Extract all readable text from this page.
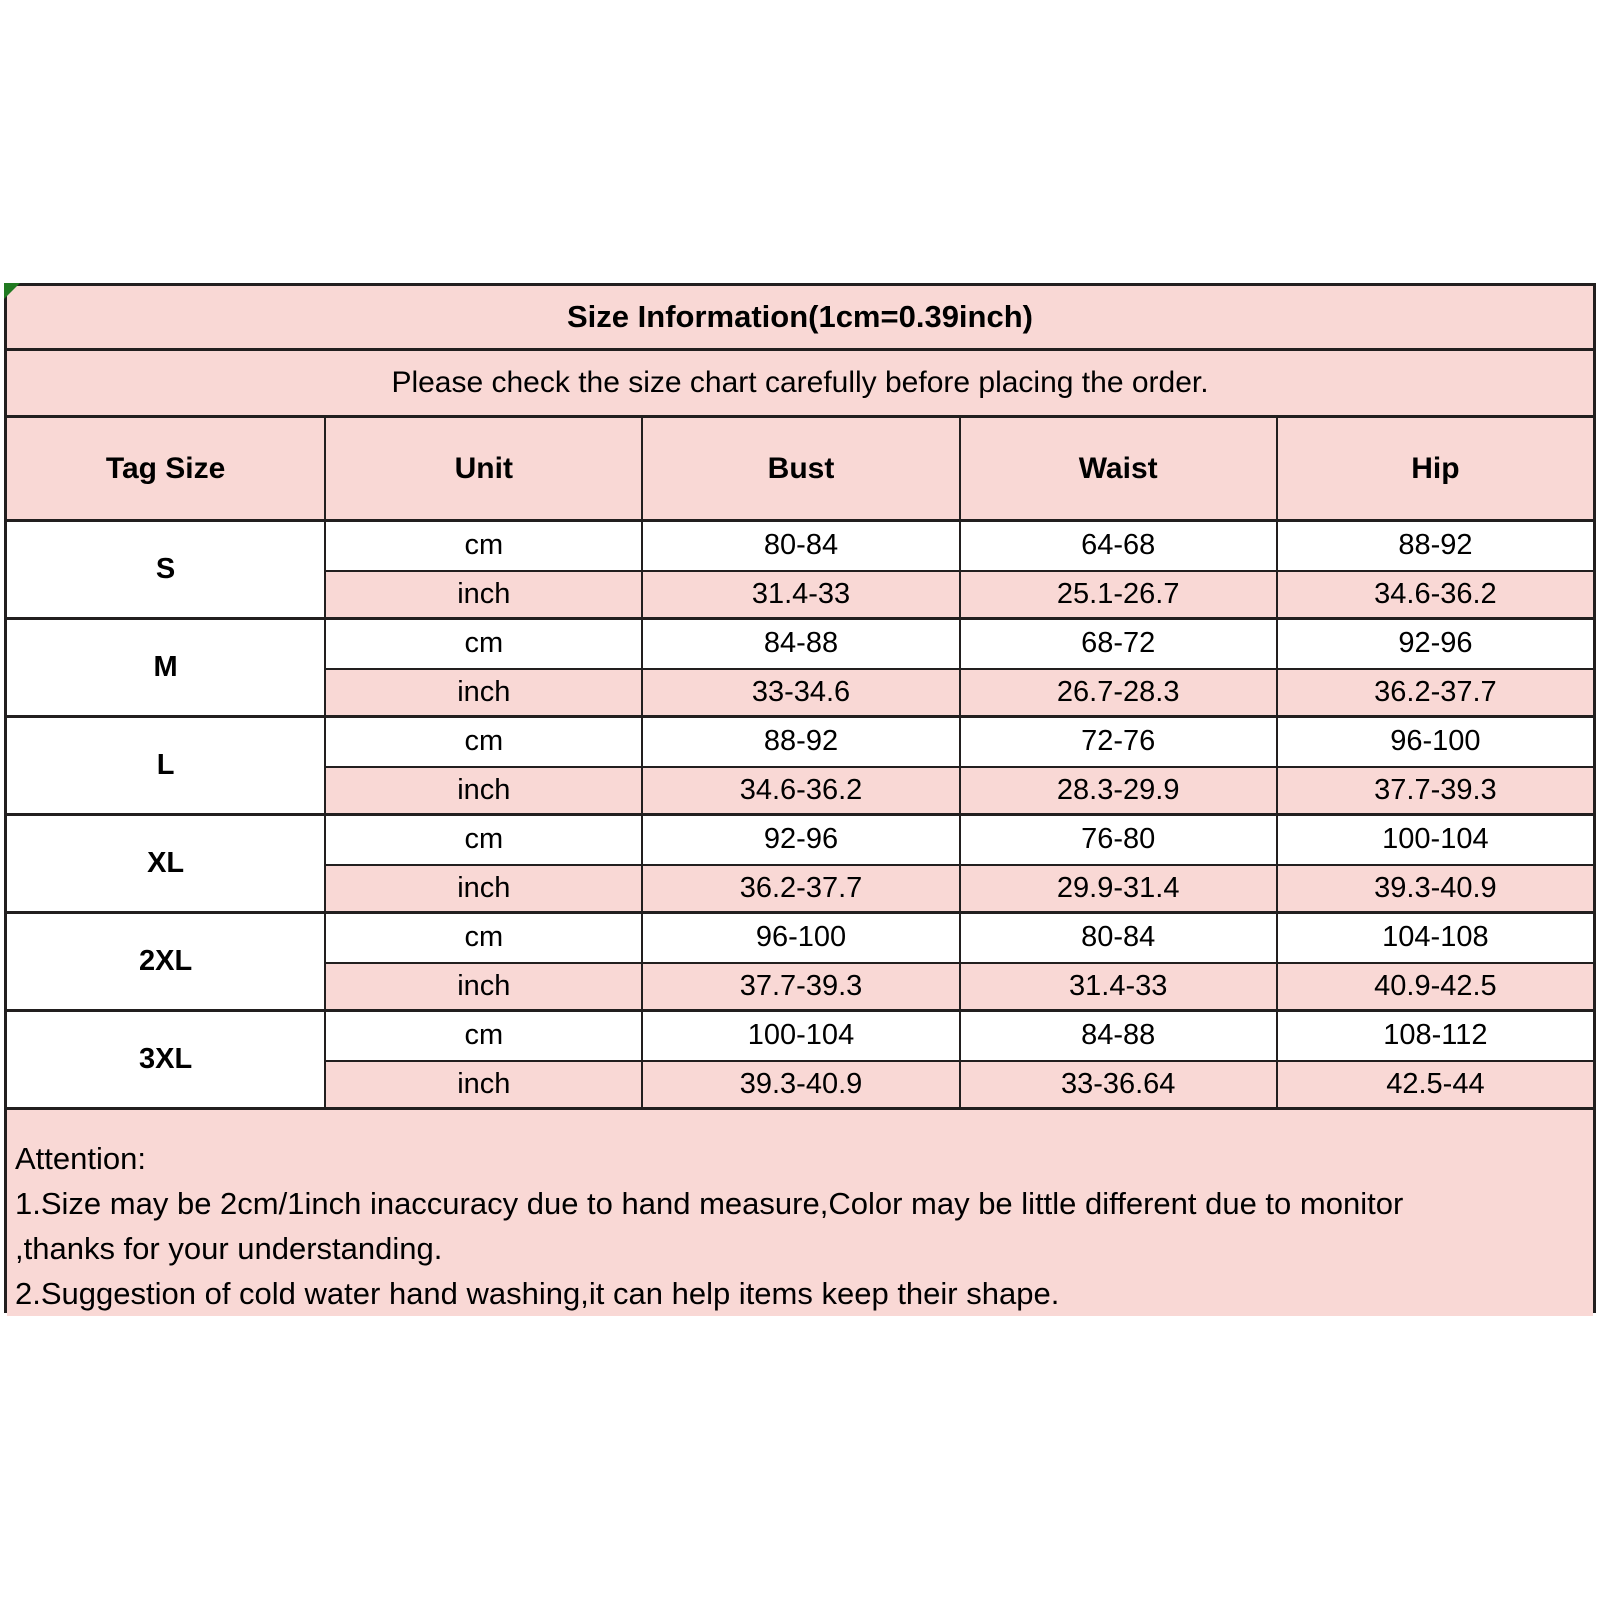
Size Information(1cm=0.39inch)
Please check the size chart carefully before placing the order.
Tag Size	Unit	Bust	Waist	Hip
S
cm	80-84	64-68	88-92
inch	31.4-33	25.1-26.7	34.6-36.2
M
cm	84-88	68-72	92-96
inch	33-34.6	26.7-28.3	36.2-37.7
L
cm	88-92	72-76	96-100
inch	34.6-36.2	28.3-29.9	37.7-39.3
XL
cm	92-96	76-80	100-104
inch	36.2-37.7	29.9-31.4	39.3-40.9
2XL
cm	96-100	80-84	104-108
inch	37.7-39.3	31.4-33	40.9-42.5
3XL
cm	100-104	84-88	108-112
inch	39.3-40.9	33-36.64	42.5-44
Attention:
1.Size may be 2cm/1inch inaccuracy due to hand measure,Color may be little different due to monitor
,thanks for your understanding.
2.Suggestion of cold water hand washing,it can help items keep their shape.
